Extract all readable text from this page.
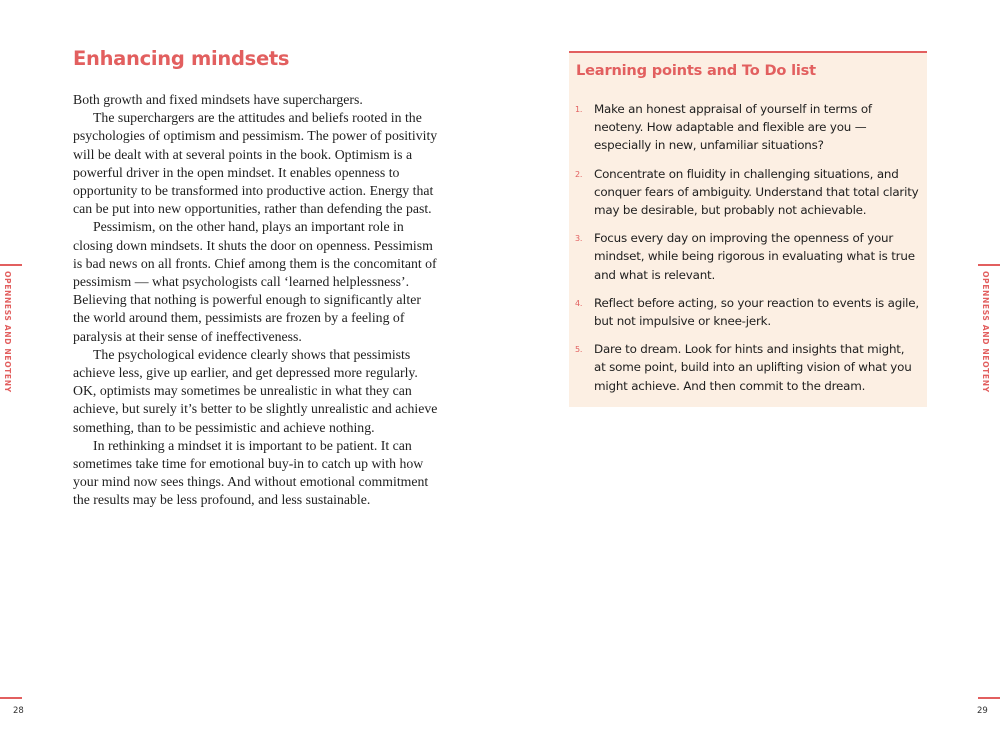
Enhancing mindsets

Both growth and fixed mindsets have superchargers.

The superchargers are the attitudes and beliefs rooted in the psychologies of optimism and pessimism. The power of positivity will be dealt with at several points in the book. Optimism is a powerful driver in the open mindset. It enables openness to opportunity to be transformed into productive action. Energy that can be put into new opportunities, rather than defending the past.

Pessimism, on the other hand, plays an important role in closing down mindsets. It shuts the door on openness. Pessimism is bad news on all fronts. Chief among them is the concomitant of pessimism — what psychologists call ‘learned helplessness’. Believing that nothing is powerful enough to significantly alter the world around them, pessimists are frozen by a feeling of paralysis at their sense of ineffectiveness.

The psychological evidence clearly shows that pessimists achieve less, give up earlier, and get depressed more regularly. OK, optimists may sometimes be unrealistic in what they can achieve, but surely it’s better to be slightly unrealistic and achieve something, than to be pessimistic and achieve nothing.

In rethinking a mindset it is important to be patient. It can sometimes take time for emotional buy-in to catch up with how your mind now sees things. And without emotional commitment the results may be less profound, and less sustainable.

OPENNESS AND NEOTENY
28
Learning points and To Do list
1. Make an honest appraisal of yourself in terms of neoteny. How adaptable and flexible are you — especially in new, unfamiliar situations?
2. Concentrate on fluidity in challenging situations, and conquer fears of ambiguity. Understand that total clarity may be desirable, but probably not achievable.
3. Focus every day on improving the openness of your mindset, while being rigorous in evaluating what is true and what is relevant.
4. Reflect before acting, so your reaction to events is agile, but not impulsive or knee-jerk.
5. Dare to dream. Look for hints and insights that might, at some point, build into an uplifting vision of what you might achieve. And then commit to the dream.	OPENNESS AND NEOTENY
29
